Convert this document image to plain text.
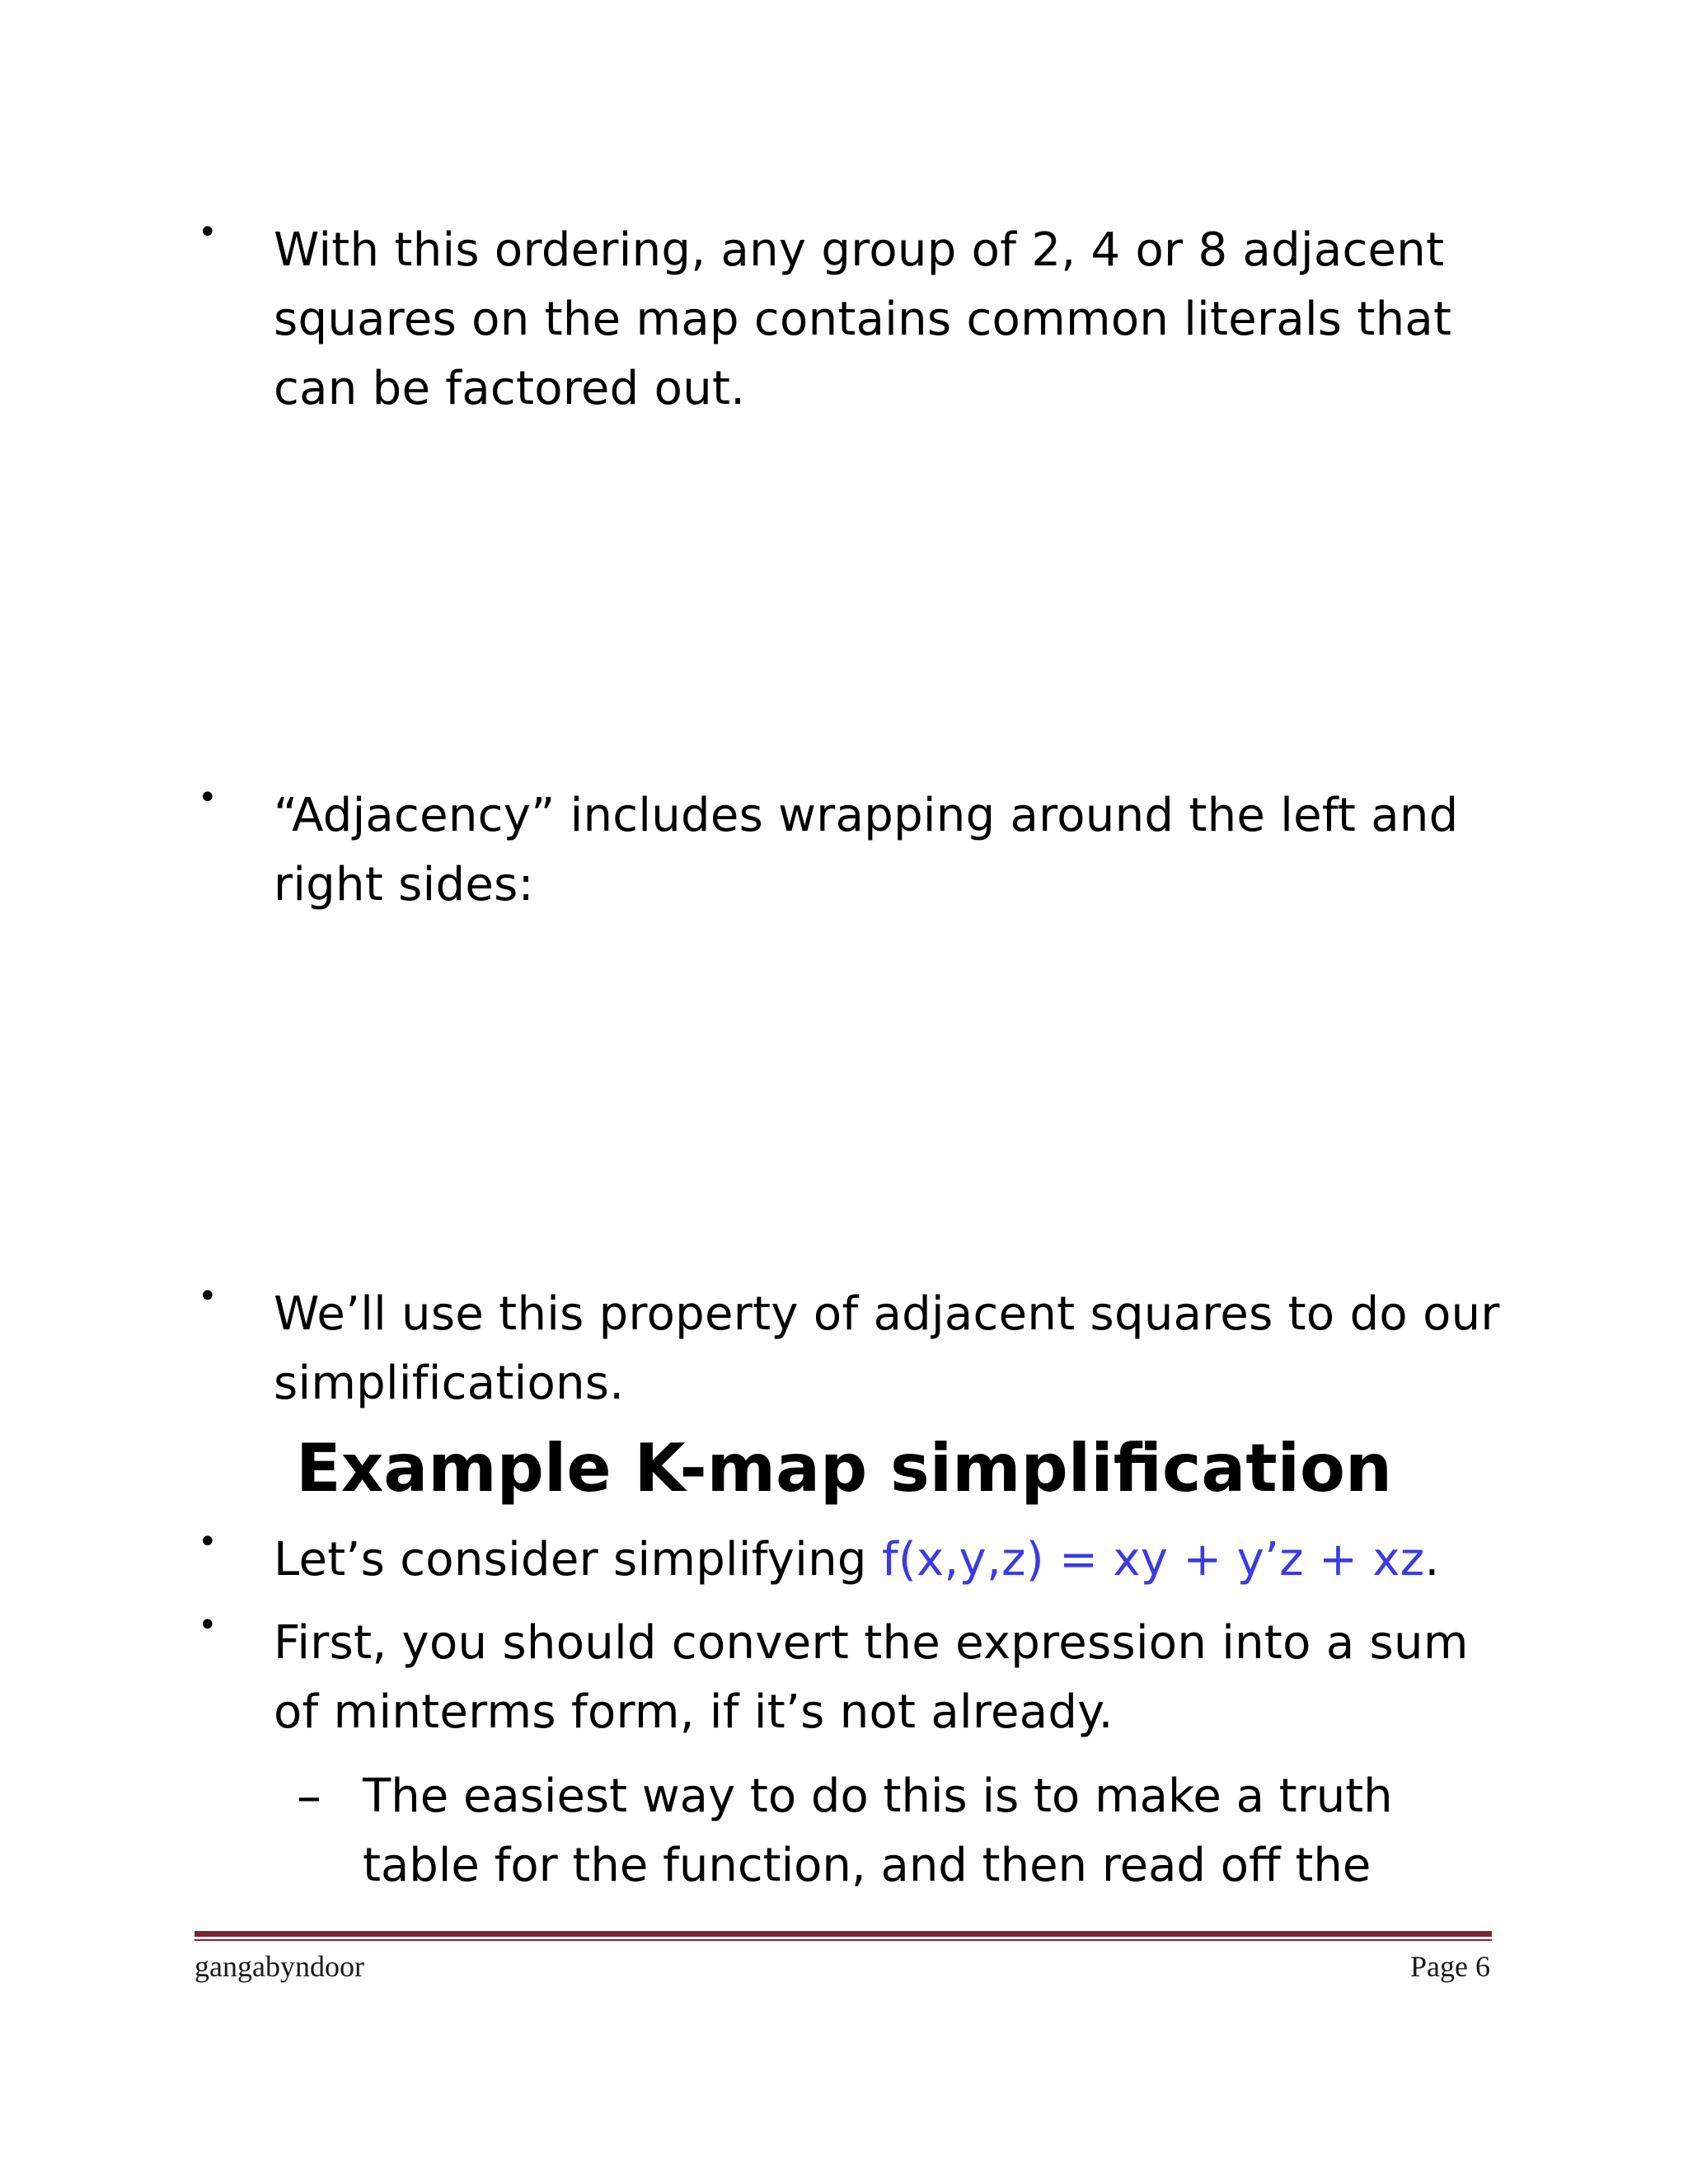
• With this ordering, any group of 2, 4 or 8 adjacent squares on the map contains common literals that can be factored out.
• “Adjacency” includes wrapping around the left and right sides:
• We’ll use this property of adjacent squares to do our simplifications.
Example K-map simplification
• Let’s consider simplifying f(x,y,z) = xy + y’z + xz.
• First, you should convert the expression into a sum of minterms form, if it’s not already.
– The easiest way to do this is to make a truth table for the function, and then read off the
gangabyndoor	Page 6
